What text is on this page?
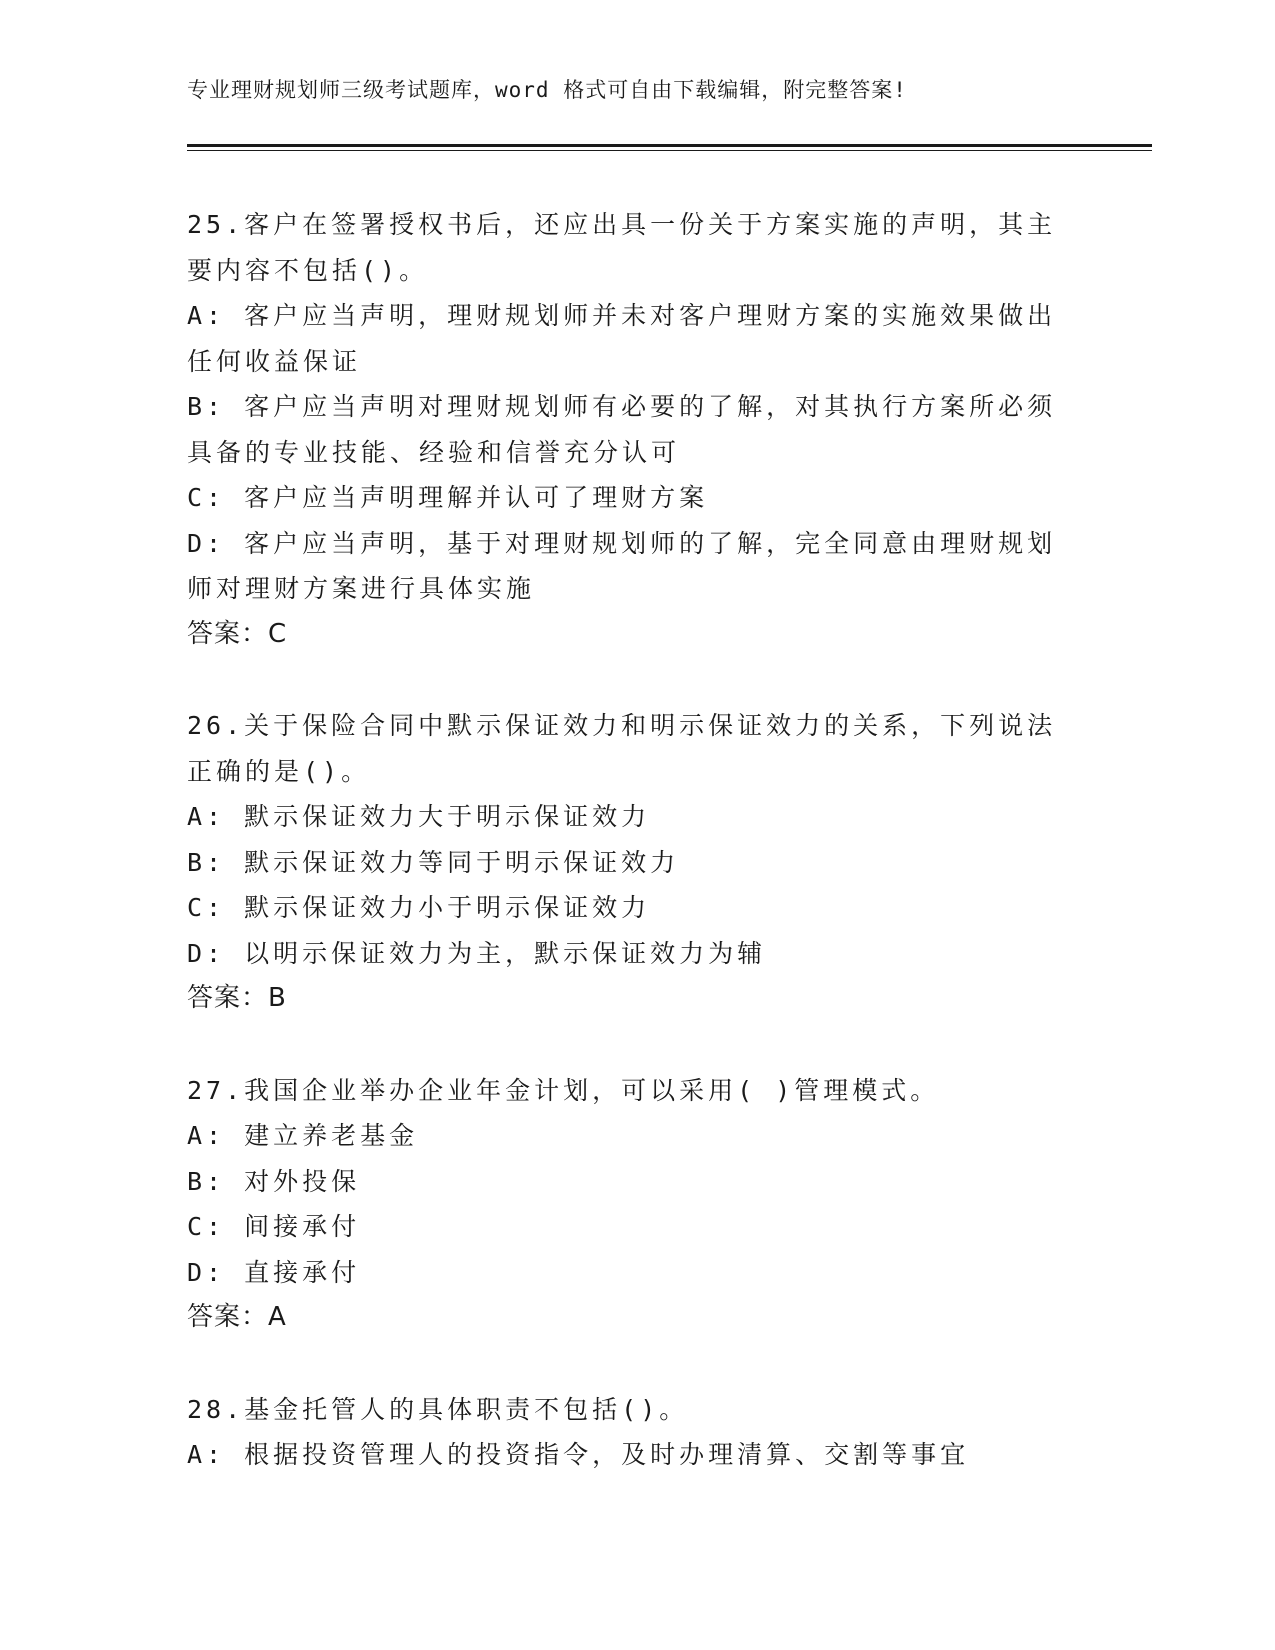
专业理财规划师三级考试题库，word 格式可自由下载编辑，附完整答案!
25.客户在签署授权书后，还应出具一份关于方案实施的声明，其主要内容不包括()。
A: 客户应当声明，理财规划师并未对客户理财方案的实施效果做出任何收益保证
B: 客户应当声明对理财规划师有必要的了解，对其执行方案所必须具备的专业技能、经验和信誉充分认可
C: 客户应当声明理解并认可了理财方案
D: 客户应当声明，基于对理财规划师的了解，完全同意由理财规划师对理财方案进行具体实施
答案：C
26.关于保险合同中默示保证效力和明示保证效力的关系，下列说法正确的是()。
A: 默示保证效力大于明示保证效力
B: 默示保证效力等同于明示保证效力
C: 默示保证效力小于明示保证效力
D: 以明示保证效力为主，默示保证效力为辅
答案：B
27.我国企业举办企业年金计划，可以采用( )管理模式。
A: 建立养老基金
B: 对外投保
C: 间接承付
D: 直接承付
答案：A
28.基金托管人的具体职责不包括()。
A: 根据投资管理人的投资指令，及时办理清算、交割等事宜
